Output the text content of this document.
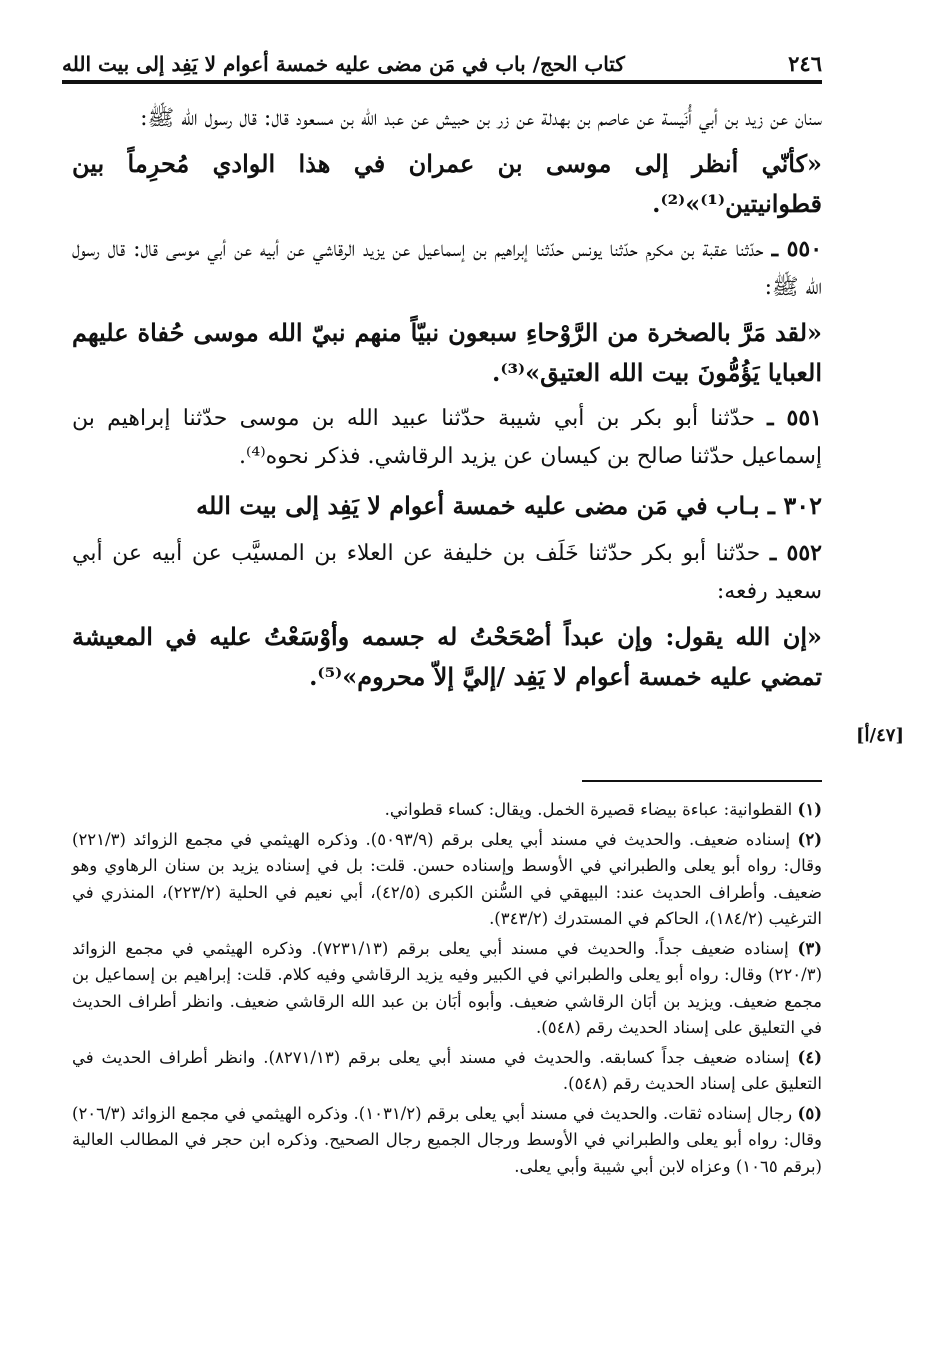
٢٤٦
كتاب الحج/ باب في مَن مضى عليه خمسة أعوام لا يَفِد إلى بيت الله

سنان عن زيد بن أبي أُنَيسة عن عاصم بن بهدلة عن زر بن حبيش عن عبد الله بن مسعود قال: قال رسول الله ﷺ:

«كأنّي أنظر إلى موسى بن عمران في هذا الوادي مُحرِماً بين قطوانيتين⁽¹⁾»⁽²⁾.

٥٥٠ ـ حدّثنا عقبة بن مكرم حدّثنا يونس حدّثنا إبراهيم بن إسماعيل عن يزيد الرقاشي عن أبيه عن أبي موسى قال: قال رسول الله ﷺ:

«لقد مَرَّ بالصخرة من الرَّوْحاءِ سبعون نبيّاً منهم نبيّ الله موسى حُفاة عليهم العبايا يَؤُمُّونَ بيت الله العتيق»⁽³⁾.

٥٥١ ـ حدّثنا أبو بكر بن أبي شيبة حدّثنا عبيد الله بن موسى حدّثنا إبراهيم بن إسماعيل حدّثنا صالح بن كيسان عن يزيد الرقاشي. فذكر نحوه⁽⁴⁾.

٣٠٢ ـ بـاب في مَن مضى عليه خمسة أعوام لا يَفِد إلى بيت الله

٥٥٢ ـ حدّثنا أبو بكر حدّثنا خَلَف بن خليفة عن العلاء بن المسيَّب عن أبيه عن أبي سعيد رفعه:

«إن الله يقول: وإن عبداً أصْحَحْتُ له جسمه وأوْسَعْتُ عليه في المعيشة تمضي عليه خمسة أعوام لا يَفِد /إليَّ إلاّ محروم»⁽⁵⁾.

[٤٧/أ]

(١) القطوانية: عباءة بيضاء قصيرة الخمل. ويقال: كساء قطواني.

(٢) إسناده ضعيف. والحديث في مسند أبي يعلى برقم (٥٠٩٣/٩). وذكره الهيثمي في مجمع الزوائد (٢٢١/٣) وقال: رواه أبو يعلى والطبراني في الأوسط وإسناده حسن. قلت: بل في إسناده يزيد بن سنان الرهاوي وهو ضعيف. وأطراف الحديث عند: البيهقي في السُّنن الكبرى (٤٢/٥)، أبي نعيم في الحلية (٢٢٣/٢)، المنذري في الترغيب (١٨٤/٢)، الحاكم في المستدرك (٣٤٣/٢).

(٣) إسناده ضعيف جداً. والحديث في مسند أبي يعلى برقم (٧٢٣١/١٣). وذكره الهيثمي في مجمع الزوائد (٢٢٠/٣) وقال: رواه أبو يعلى والطبراني في الكبير وفيه يزيد الرقاشي وفيه كلام. قلت: إبراهيم بن إسماعيل بن مجمع ضعيف. ويزيد بن أبَان الرقاشي ضعيف. وأبوه أبَان بن عبد الله الرقاشي ضعيف. وانظر أطراف الحديث في التعليق على إسناد الحديث رقم (٥٤٨).

(٤) إسناده ضعيف جداً كسابقه. والحديث في مسند أبي يعلى برقم (٨٢٧١/١٣). وانظر أطراف الحديث في التعليق على إسناد الحديث رقم (٥٤٨).

(٥) رجال إسناده ثقات. والحديث في مسند أبي يعلى برقم (١٠٣١/٢). وذكره الهيثمي في مجمع الزوائد (٢٠٦/٣) وقال: رواه أبو يعلى والطبراني في الأوسط ورجال الجميع رجال الصحيح. وذكره ابن حجر في المطالب العالية (برقم ١٠٦٥) وعزاه لابن أبي شيبة وأبي يعلى.
